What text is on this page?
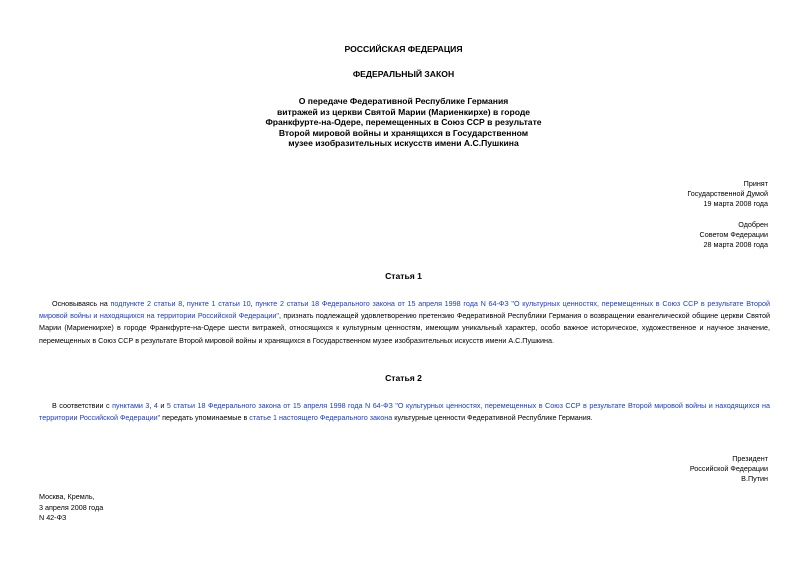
РОССИЙСКАЯ ФЕДЕРАЦИЯ
ФЕДЕРАЛЬНЫЙ ЗАКОН
О передаче Федеративной Республике Германия
витражей из церкви Святой Марии (Мариенкирхе) в городе
Франкфурте-на-Одере, перемещенных в Союз ССР в результате
Второй мировой войны и хранящихся в Государственном
музее изобразительных искусств имени А.С.Пушкина
Принят
Государственной Думой
19 марта 2008 года
Одобрен
Советом Федерации
28 марта 2008 года
Статья 1
Основываясь на подпункте 2 статьи 8, пункте 1 статьи 10, пункте 2 статьи 18 Федерального закона от 15 апреля 1998 года N 64-ФЗ "О культурных ценностях, перемещенных в Союз ССР в результате Второй мировой войны и находящихся на территории Российской Федерации", признать подлежащей удовлетворению претензию Федеративной Республики Германия о возвращении евангелической общине церкви Святой Марии (Мариенкирхе) в городе Франкфурте-на-Одере шести витражей, относящихся к культурным ценностям, имеющим уникальный характер, особо важное историческое, художественное и научное значение, перемещенных в Союз ССР в результате Второй мировой войны и хранящихся в Государственном музее изобразительных искусств имени А.С.Пушкина.
Статья 2
В соответствии с пунктами 3, 4 и 5 статьи 18 Федерального закона от 15 апреля 1998 года N 64-ФЗ "О культурных ценностях, перемещенных в Союз ССР в результате Второй мировой войны и находящихся на территории Российской Федерации" передать упоминаемые в статье 1 настоящего Федерального закона культурные ценности Федеративной Республике Германия.
Президент
Российской Федерации
В.Путин
Москва, Кремль,
3 апреля 2008 года
N 42-ФЗ
